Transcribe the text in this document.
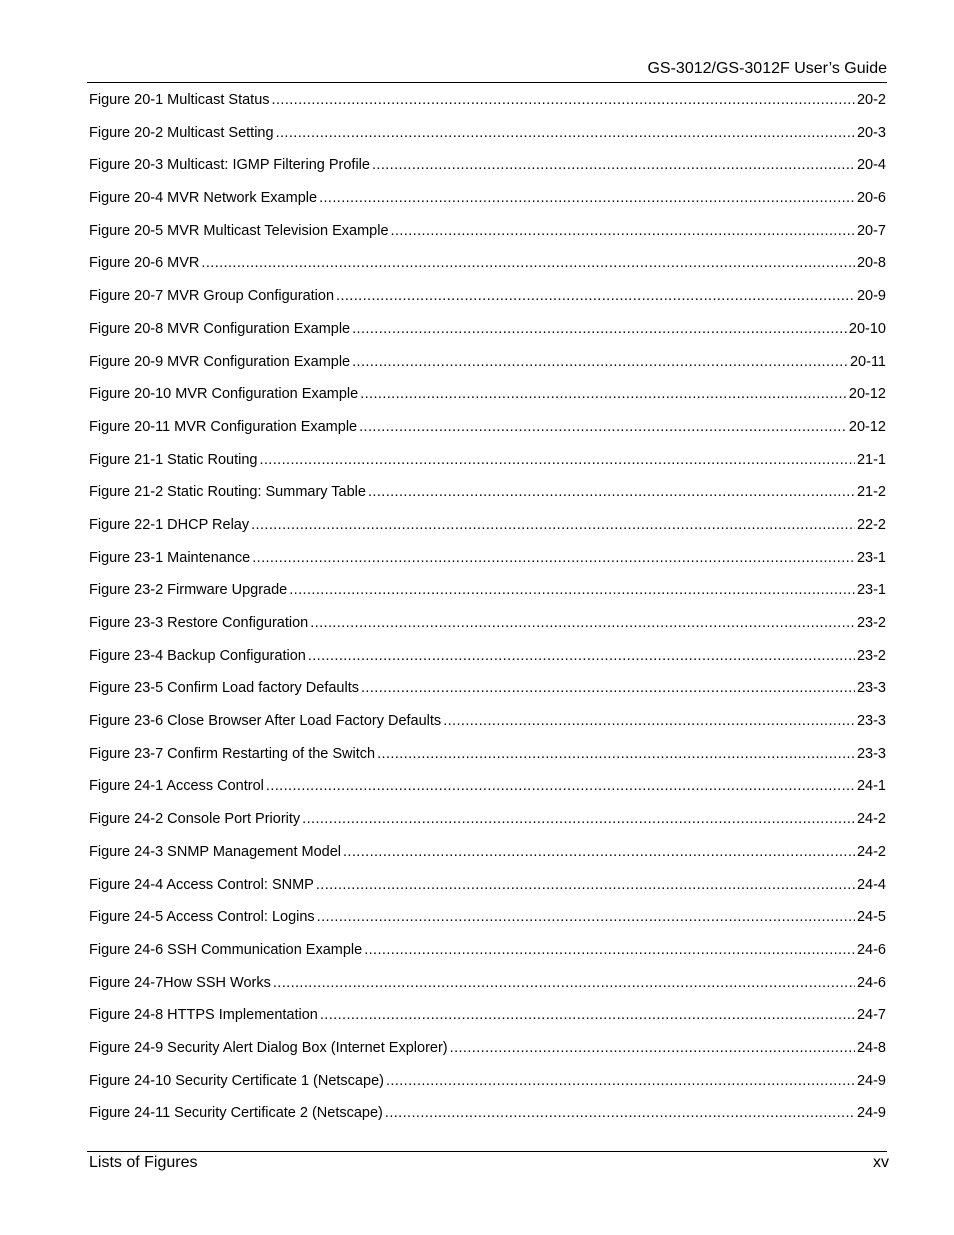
GS-3012/GS-3012F User’s Guide
Figure 20-1 Multicast Status .....	20-2
Figure 20-2 Multicast Setting .....	20-3
Figure 20-3 Multicast: IGMP Filtering Profile .....	20-4
Figure 20-4 MVR Network Example .....	20-6
Figure 20-5 MVR Multicast Television Example .....	20-7
Figure 20-6 MVR .....	20-8
Figure 20-7 MVR Group Configuration .....	20-9
Figure 20-8 MVR Configuration Example .....	20-10
Figure 20-9 MVR Configuration Example .....	20-11
Figure 20-10 MVR Configuration Example .....	20-12
Figure 20-11 MVR Configuration Example .....	20-12
Figure 21-1 Static Routing .....	21-1
Figure 21-2 Static Routing: Summary Table .....	21-2
Figure 22-1 DHCP Relay .....	22-2
Figure 23-1 Maintenance .....	23-1
Figure 23-2 Firmware Upgrade .....	23-1
Figure 23-3 Restore Configuration .....	23-2
Figure 23-4 Backup Configuration .....	23-2
Figure 23-5 Confirm Load factory Defaults .....	23-3
Figure 23-6 Close Browser After Load Factory Defaults .....	23-3
Figure 23-7 Confirm Restarting of the Switch .....	23-3
Figure 24-1 Access Control .....	24-1
Figure 24-2 Console Port Priority .....	24-2
Figure 24-3 SNMP Management Model .....	24-2
Figure 24-4 Access Control: SNMP .....	24-4
Figure 24-5 Access Control: Logins .....	24-5
Figure 24-6 SSH Communication Example .....	24-6
Figure 24-7How SSH Works .....	24-6
Figure 24-8 HTTPS Implementation .....	24-7
Figure 24-9 Security Alert Dialog Box (Internet Explorer) .....	24-8
Figure 24-10 Security Certificate 1 (Netscape) .....	24-9
Figure 24-11 Security Certificate 2 (Netscape) .....	24-9
Lists of Figures	xv
